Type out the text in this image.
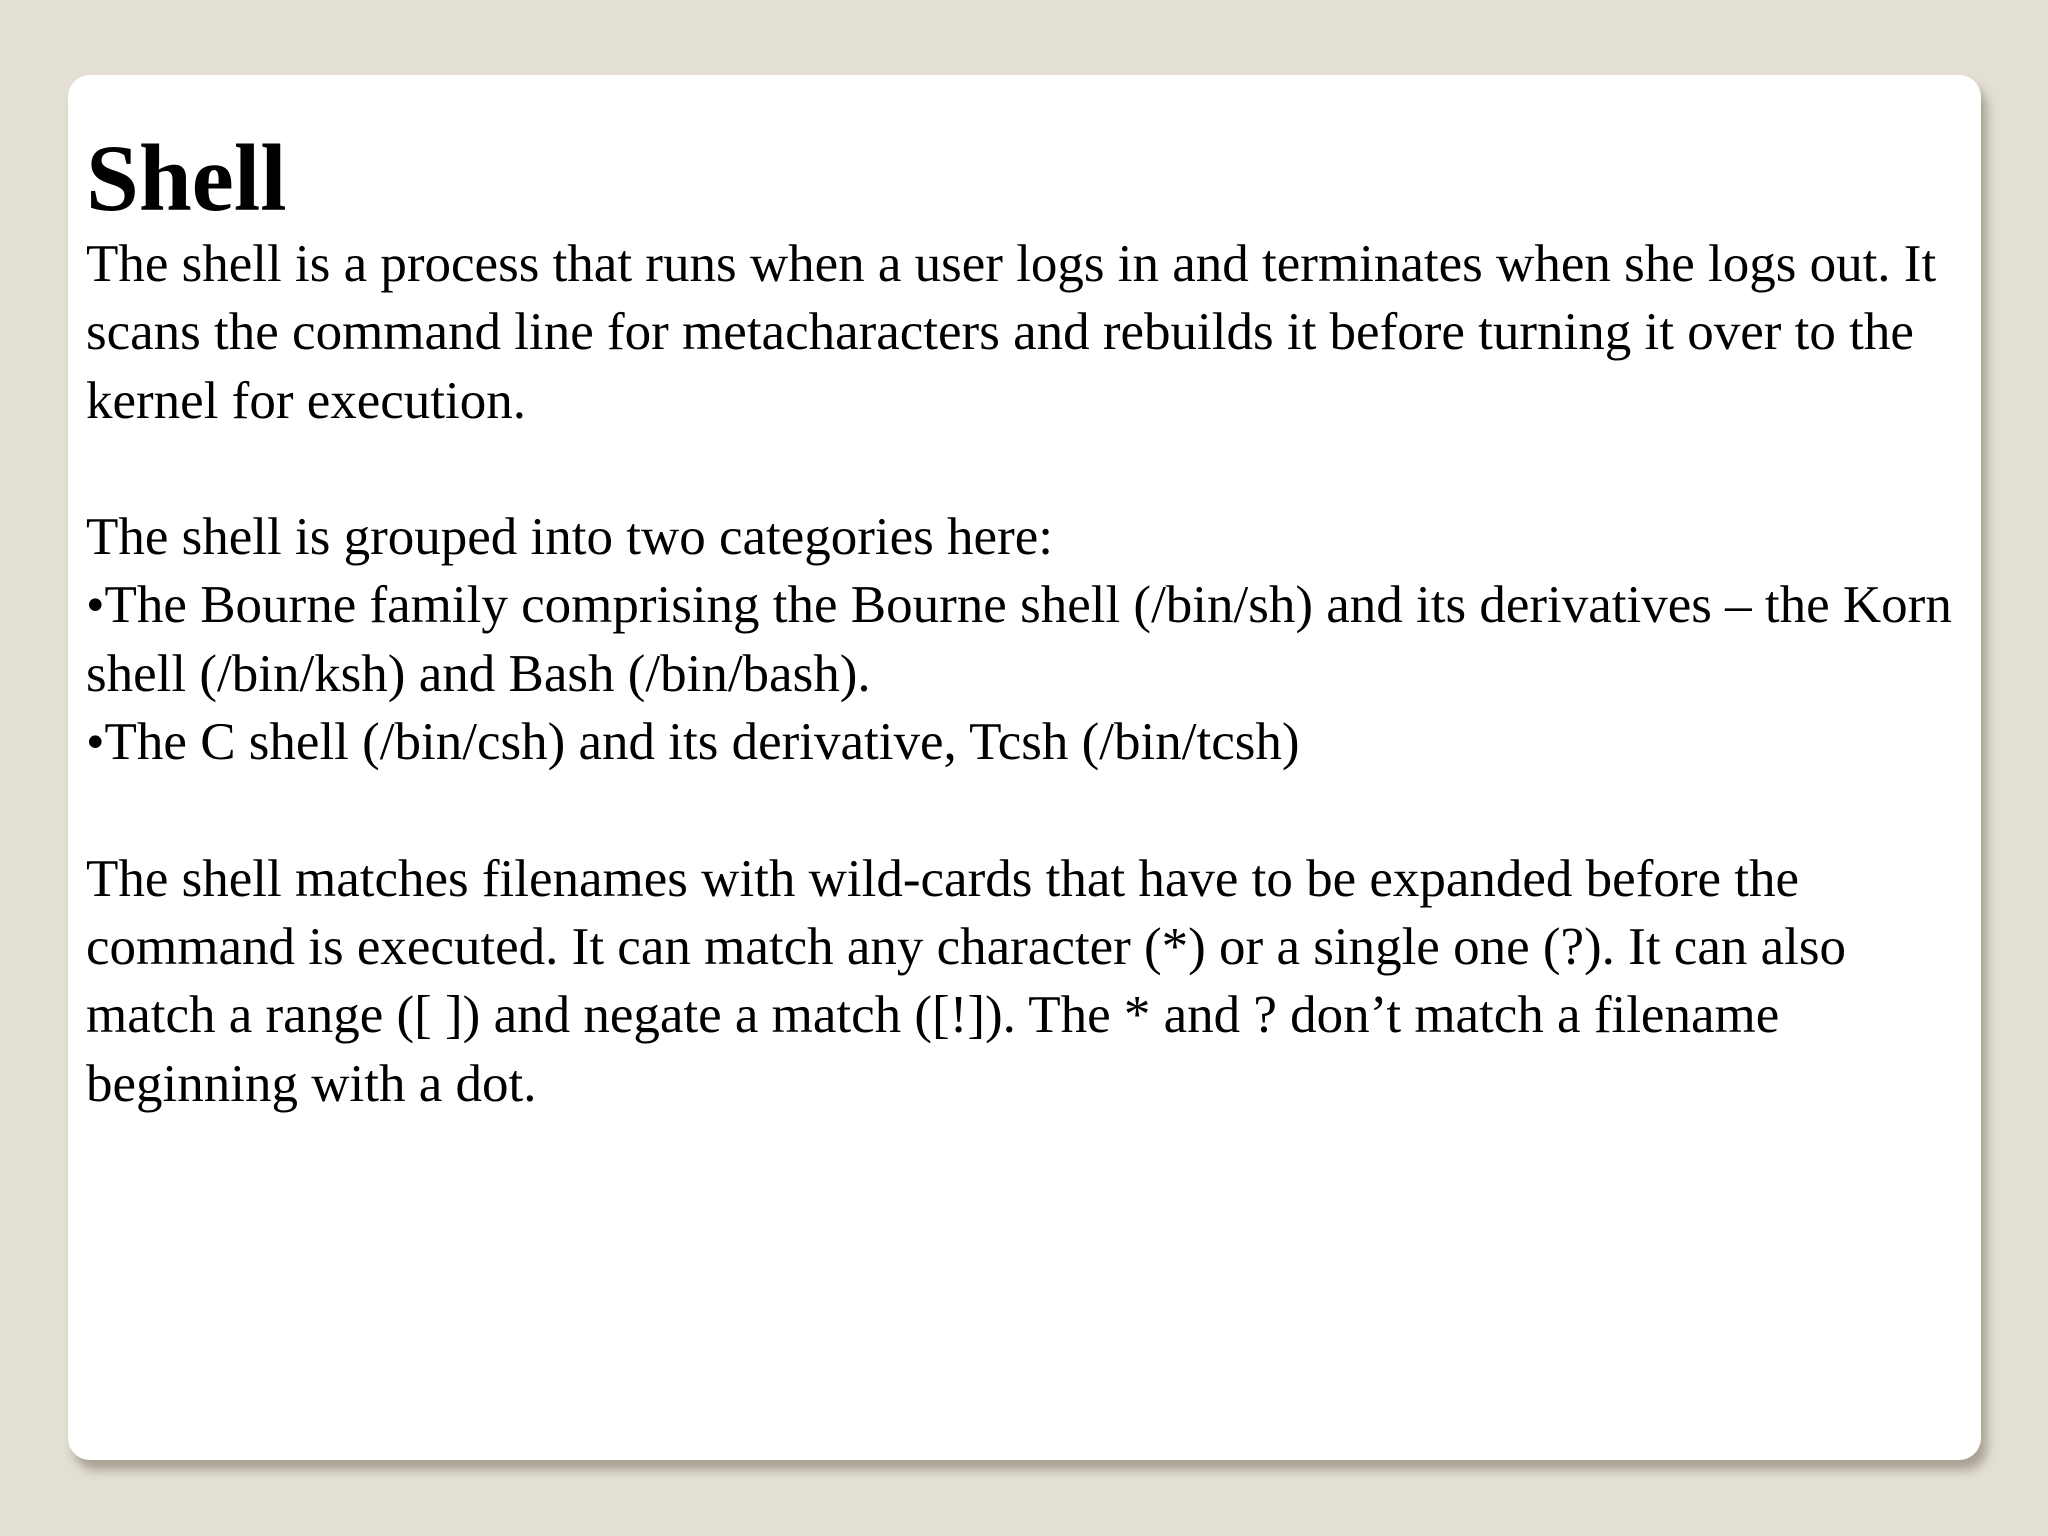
Shell

The shell is a process that runs when a user logs in and terminates when she logs out. It scans the command line for metacharacters and rebuilds it before turning it over to the kernel for execution.

The shell is grouped into two categories here:

•The Bourne family comprising the Bourne shell (/bin/sh) and its derivatives – the Korn shell (/bin/ksh) and Bash (/bin/bash).

•The C shell (/bin/csh) and its derivative, Tcsh (/bin/tcsh)

The shell matches filenames with wild-cards that have to be expanded before the command is executed. It can match any character (*) or a single one (?). It can also match a range ([ ]) and negate a match ([!]). The * and ? don’t match a filename beginning with a dot.
